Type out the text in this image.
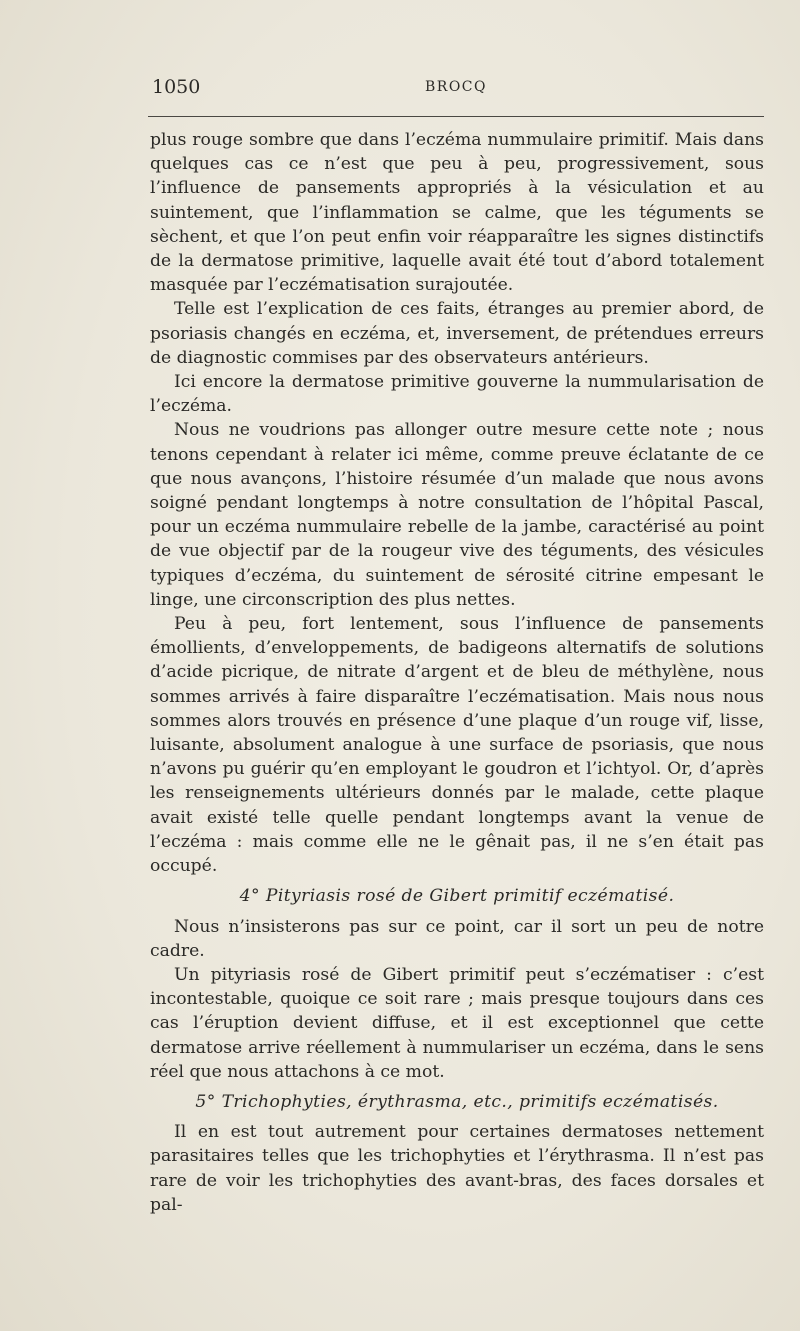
1050	BROCQ

plus rouge sombre que dans l’eczéma nummulaire primitif. Mais dans quelques cas ce n’est que peu à peu, progressivement, sous l’influence de pansements appropriés à la vésiculation et au suintement, que l’inflammation se calme, que les téguments se sèchent, et que l’on peut enfin voir réapparaître les signes distinctifs de la dermatose primitive, laquelle avait été tout d’abord totalement masquée par l’eczématisation surajoutée.

Telle est l’explication de ces faits, étranges au premier abord, de psoriasis changés en eczéma, et, inversement, de prétendues erreurs de diagnostic commises par des observateurs antérieurs.

Ici encore la dermatose primitive gouverne la nummularisation de l’eczéma.

Nous ne voudrions pas allonger outre mesure cette note ; nous tenons cependant à relater ici même, comme preuve éclatante de ce que nous avançons, l’histoire résumée d’un malade que nous avons soigné pendant longtemps à notre consultation de l’hôpital Pascal, pour un eczéma nummulaire rebelle de la jambe, caractérisé au point de vue objectif par de la rougeur vive des téguments, des vésicules typiques d’eczéma, du suintement de sérosité citrine empesant le linge, une circonscription des plus nettes.

Peu à peu, fort lentement, sous l’influence de pansements émollients, d’enveloppements, de badigeons alternatifs de solutions d’acide picrique, de nitrate d’argent et de bleu de méthylène, nous sommes arrivés à faire disparaître l’eczématisation. Mais nous nous sommes alors trouvés en présence d’une plaque d’un rouge vif, lisse, luisante, absolument analogue à une surface de psoriasis, que nous n’avons pu guérir qu’en employant le goudron et l’ichtyol. Or, d’après les renseignements ultérieurs donnés par le malade, cette plaque avait existé telle quelle pendant longtemps avant la venue de l’eczéma : mais comme elle ne le gênait pas, il ne s’en était pas occupé.

4° Pityriasis rosé de Gibert primitif eczématisé.

Nous n’insisterons pas sur ce point, car il sort un peu de notre cadre.

Un pityriasis rosé de Gibert primitif peut s’eczématiser : c’est incontestable, quoique ce soit rare ; mais presque toujours dans ces cas l’éruption devient diffuse, et il est exceptionnel que cette dermatose arrive réellement à nummulariser un eczéma, dans le sens réel que nous attachons à ce mot.

5° Trichophyties, érythrasma, etc., primitifs eczématisés.

Il en est tout autrement pour certaines dermatoses nettement parasitaires telles que les trichophyties et l’érythrasma. Il n’est pas rare de voir les trichophyties des avant-bras, des faces dorsales et pal-
